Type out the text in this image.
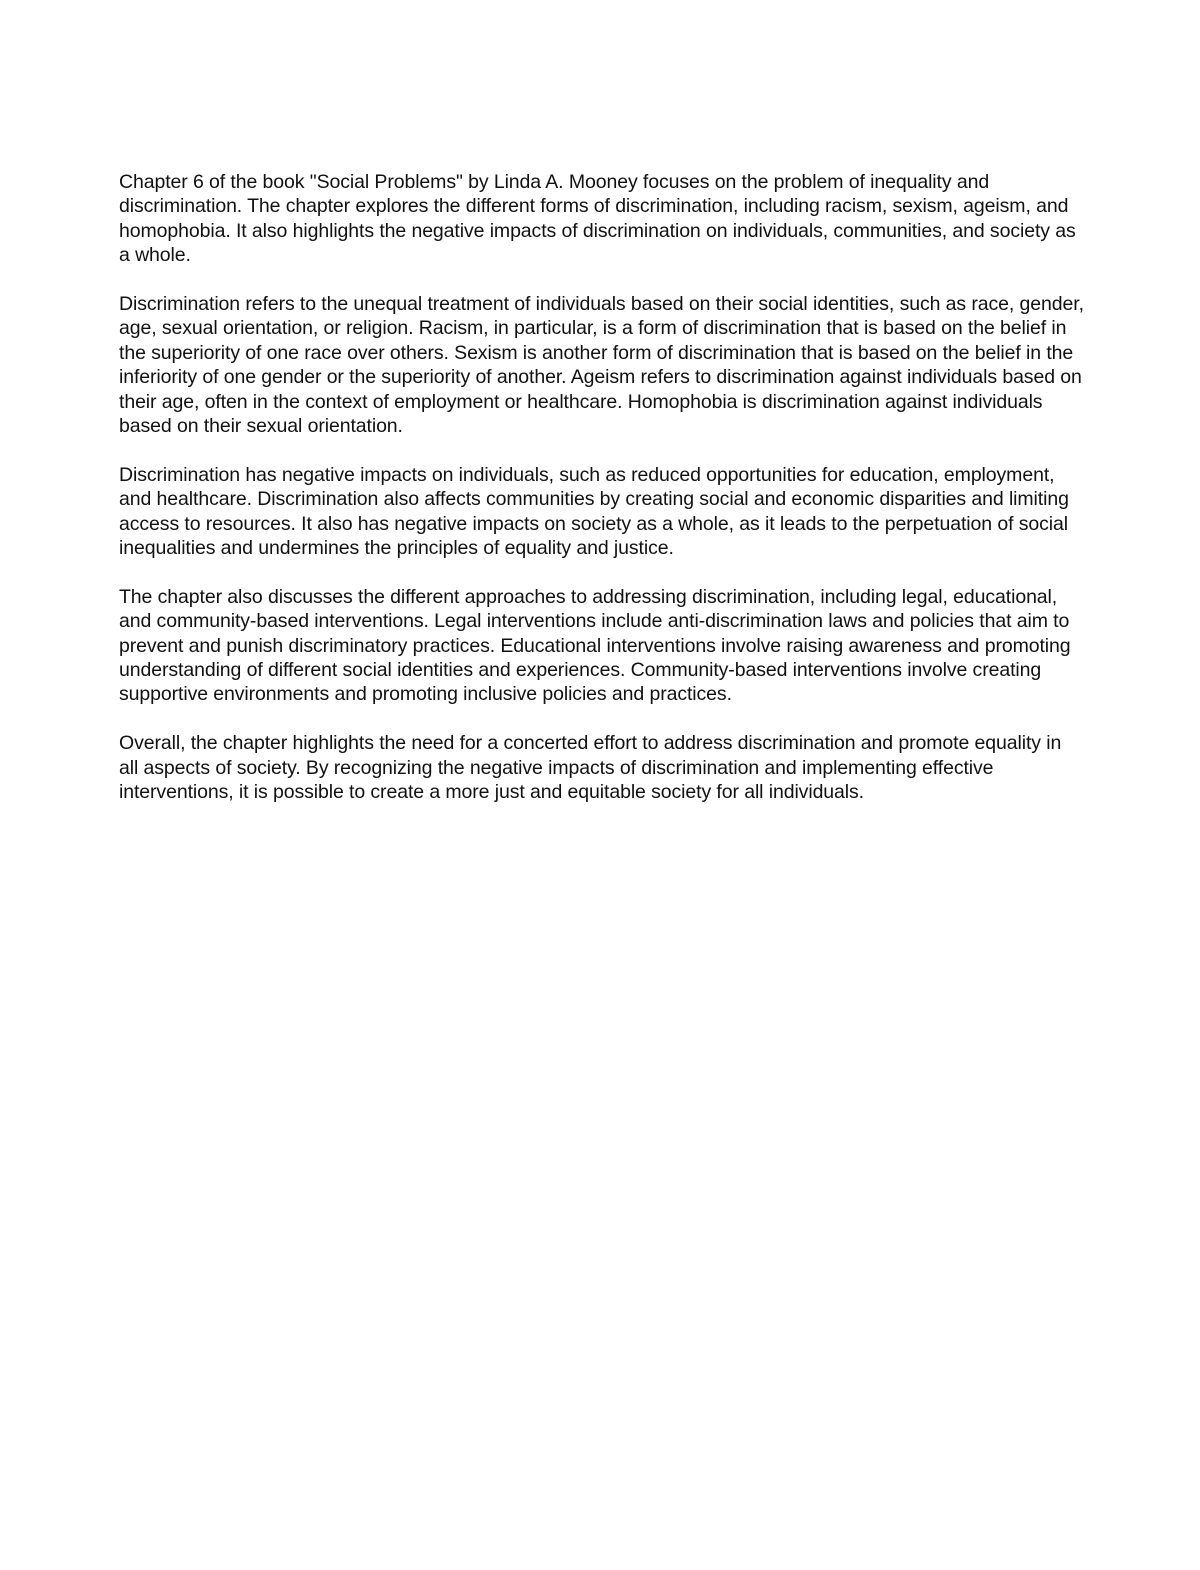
Chapter 6 of the book "Social Problems" by Linda A. Mooney focuses on the problem of inequality and discrimination. The chapter explores the different forms of discrimination, including racism, sexism, ageism, and homophobia. It also highlights the negative impacts of discrimination on individuals, communities, and society as a whole.

Discrimination refers to the unequal treatment of individuals based on their social identities, such as race, gender, age, sexual orientation, or religion. Racism, in particular, is a form of discrimination that is based on the belief in the superiority of one race over others. Sexism is another form of discrimination that is based on the belief in the inferiority of one gender or the superiority of another. Ageism refers to discrimination against individuals based on their age, often in the context of employment or healthcare. Homophobia is discrimination against individuals based on their sexual orientation.

Discrimination has negative impacts on individuals, such as reduced opportunities for education, employment, and healthcare. Discrimination also affects communities by creating social and economic disparities and limiting access to resources. It also has negative impacts on society as a whole, as it leads to the perpetuation of social inequalities and undermines the principles of equality and justice.

The chapter also discusses the different approaches to addressing discrimination, including legal, educational, and community-based interventions. Legal interventions include anti-discrimination laws and policies that aim to prevent and punish discriminatory practices. Educational interventions involve raising awareness and promoting understanding of different social identities and experiences. Community-based interventions involve creating supportive environments and promoting inclusive policies and practices.

Overall, the chapter highlights the need for a concerted effort to address discrimination and promote equality in all aspects of society. By recognizing the negative impacts of discrimination and implementing effective interventions, it is possible to create a more just and equitable society for all individuals.
